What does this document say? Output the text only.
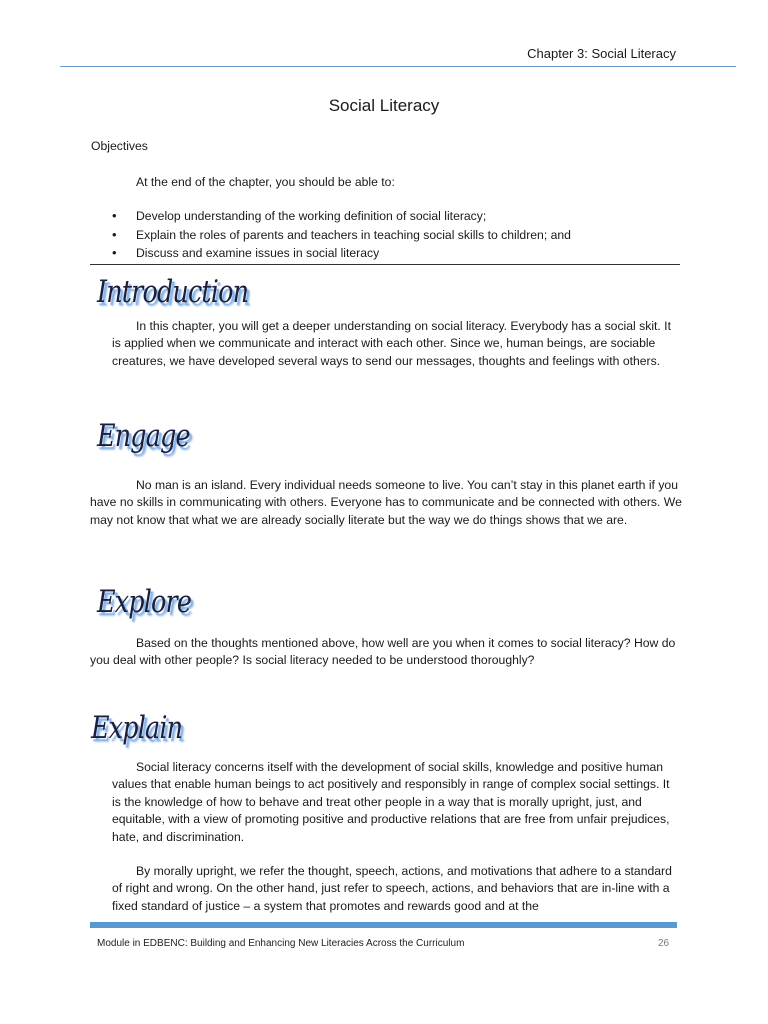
Chapter 3: Social Literacy
Social Literacy
Objectives
At the end of the chapter, you should be able to:
• Develop understanding of the working definition of social literacy;
• Explain the roles of parents and teachers in teaching social skills to children; and
• Discuss and examine issues in social literacy
Introduction

In this chapter, you will get a deeper understanding on social literacy. Everybody has a social skit. It is applied when we communicate and interact with each other. Since we, human beings, are sociable creatures, we have developed several ways to send our messages, thoughts and feelings with others.

Engage

No man is an island. Every individual needs someone to live. You can’t stay in this planet earth if you have no skills in communicating with others. Everyone has to communicate and be connected with others. We may not know that what we are already socially literate but the way we do things shows that we are.

Explore

Based on the thoughts mentioned above, how well are you when it comes to social literacy? How do you deal with other people? Is social literacy needed to be understood thoroughly?

Explain

Social literacy concerns itself with the development of social skills, knowledge and positive human values that enable human beings to act positively and responsibly in range of complex social settings. It is the knowledge of how to behave and treat other people in a way that is morally upright, just, and equitable, with a view of promoting positive and productive relations that are free from unfair prejudices, hate, and discrimination.

By morally upright, we refer the thought, speech, actions, and motivations that adhere to a standard of right and wrong. On the other hand, just refer to speech, actions, and behaviors that are in-line with a fixed standard of justice – a system that promotes and rewards good and at the

Module in EDBENC: Building and Enhancing New Literacies Across the Curriculum	26
